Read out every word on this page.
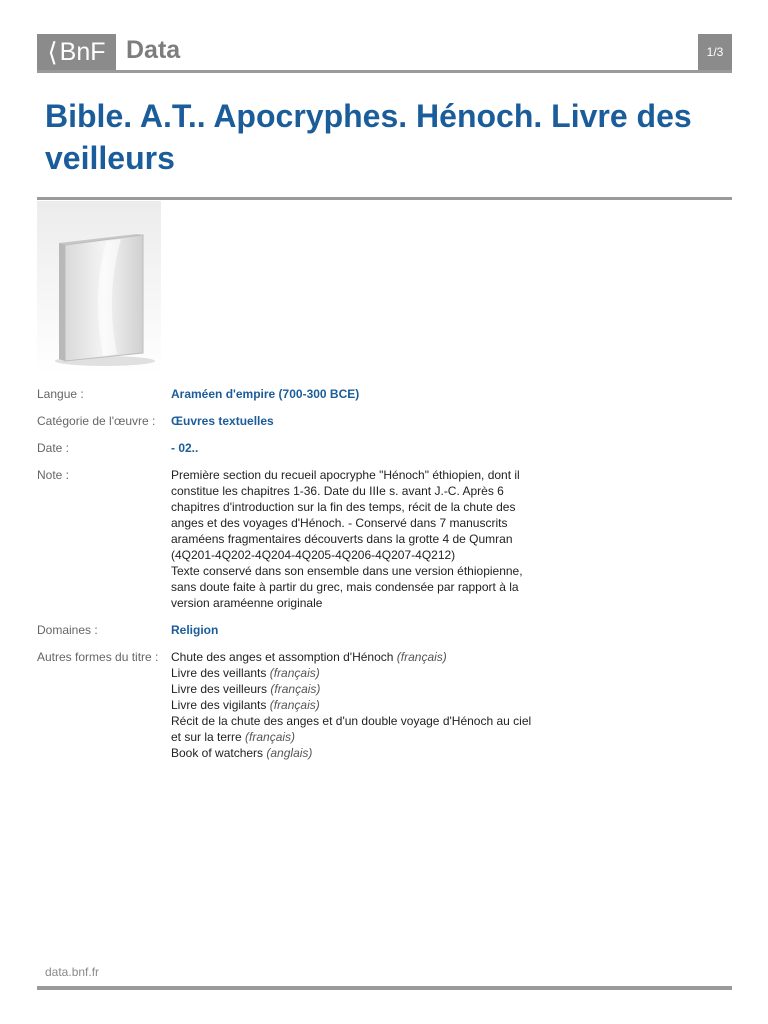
⟨ BnF Data	1/3
Bible. A.T.. Apocryphes. Hénoch. Livre des veilleurs
Langue :	Araméen d'empire (700-300 BCE)
Catégorie de l'œuvre :	Œuvres textuelles
Date :	- 02..
Note :	Première section du recueil apocryphe "Hénoch" éthiopien, dont il
constitue les chapitres 1-36. Date du IIIe s. avant J.-C. Après 6
chapitres d'introduction sur la fin des temps, récit de la chute des
anges et des voyages d'Hénoch. - Conservé dans 7 manuscrits
araméens fragmentaires découverts dans la grotte 4 de Qumran
(4Q201-4Q202-4Q204-4Q205-4Q206-4Q207-4Q212)
Texte conservé dans son ensemble dans une version éthiopienne,
sans doute faite à partir du grec, mais condensée par rapport à la
version araméenne originale
Domaines :	Religion
Autres formes du titre :	Chute des anges et assomption d'Hénoch (français)
Livre des veillants (français)
Livre des veilleurs (français)
Livre des vigilants (français)
Récit de la chute des anges et d'un double voyage d'Hénoch au ciel
et sur la terre (français)
Book of watchers (anglais)
data.bnf.fr
